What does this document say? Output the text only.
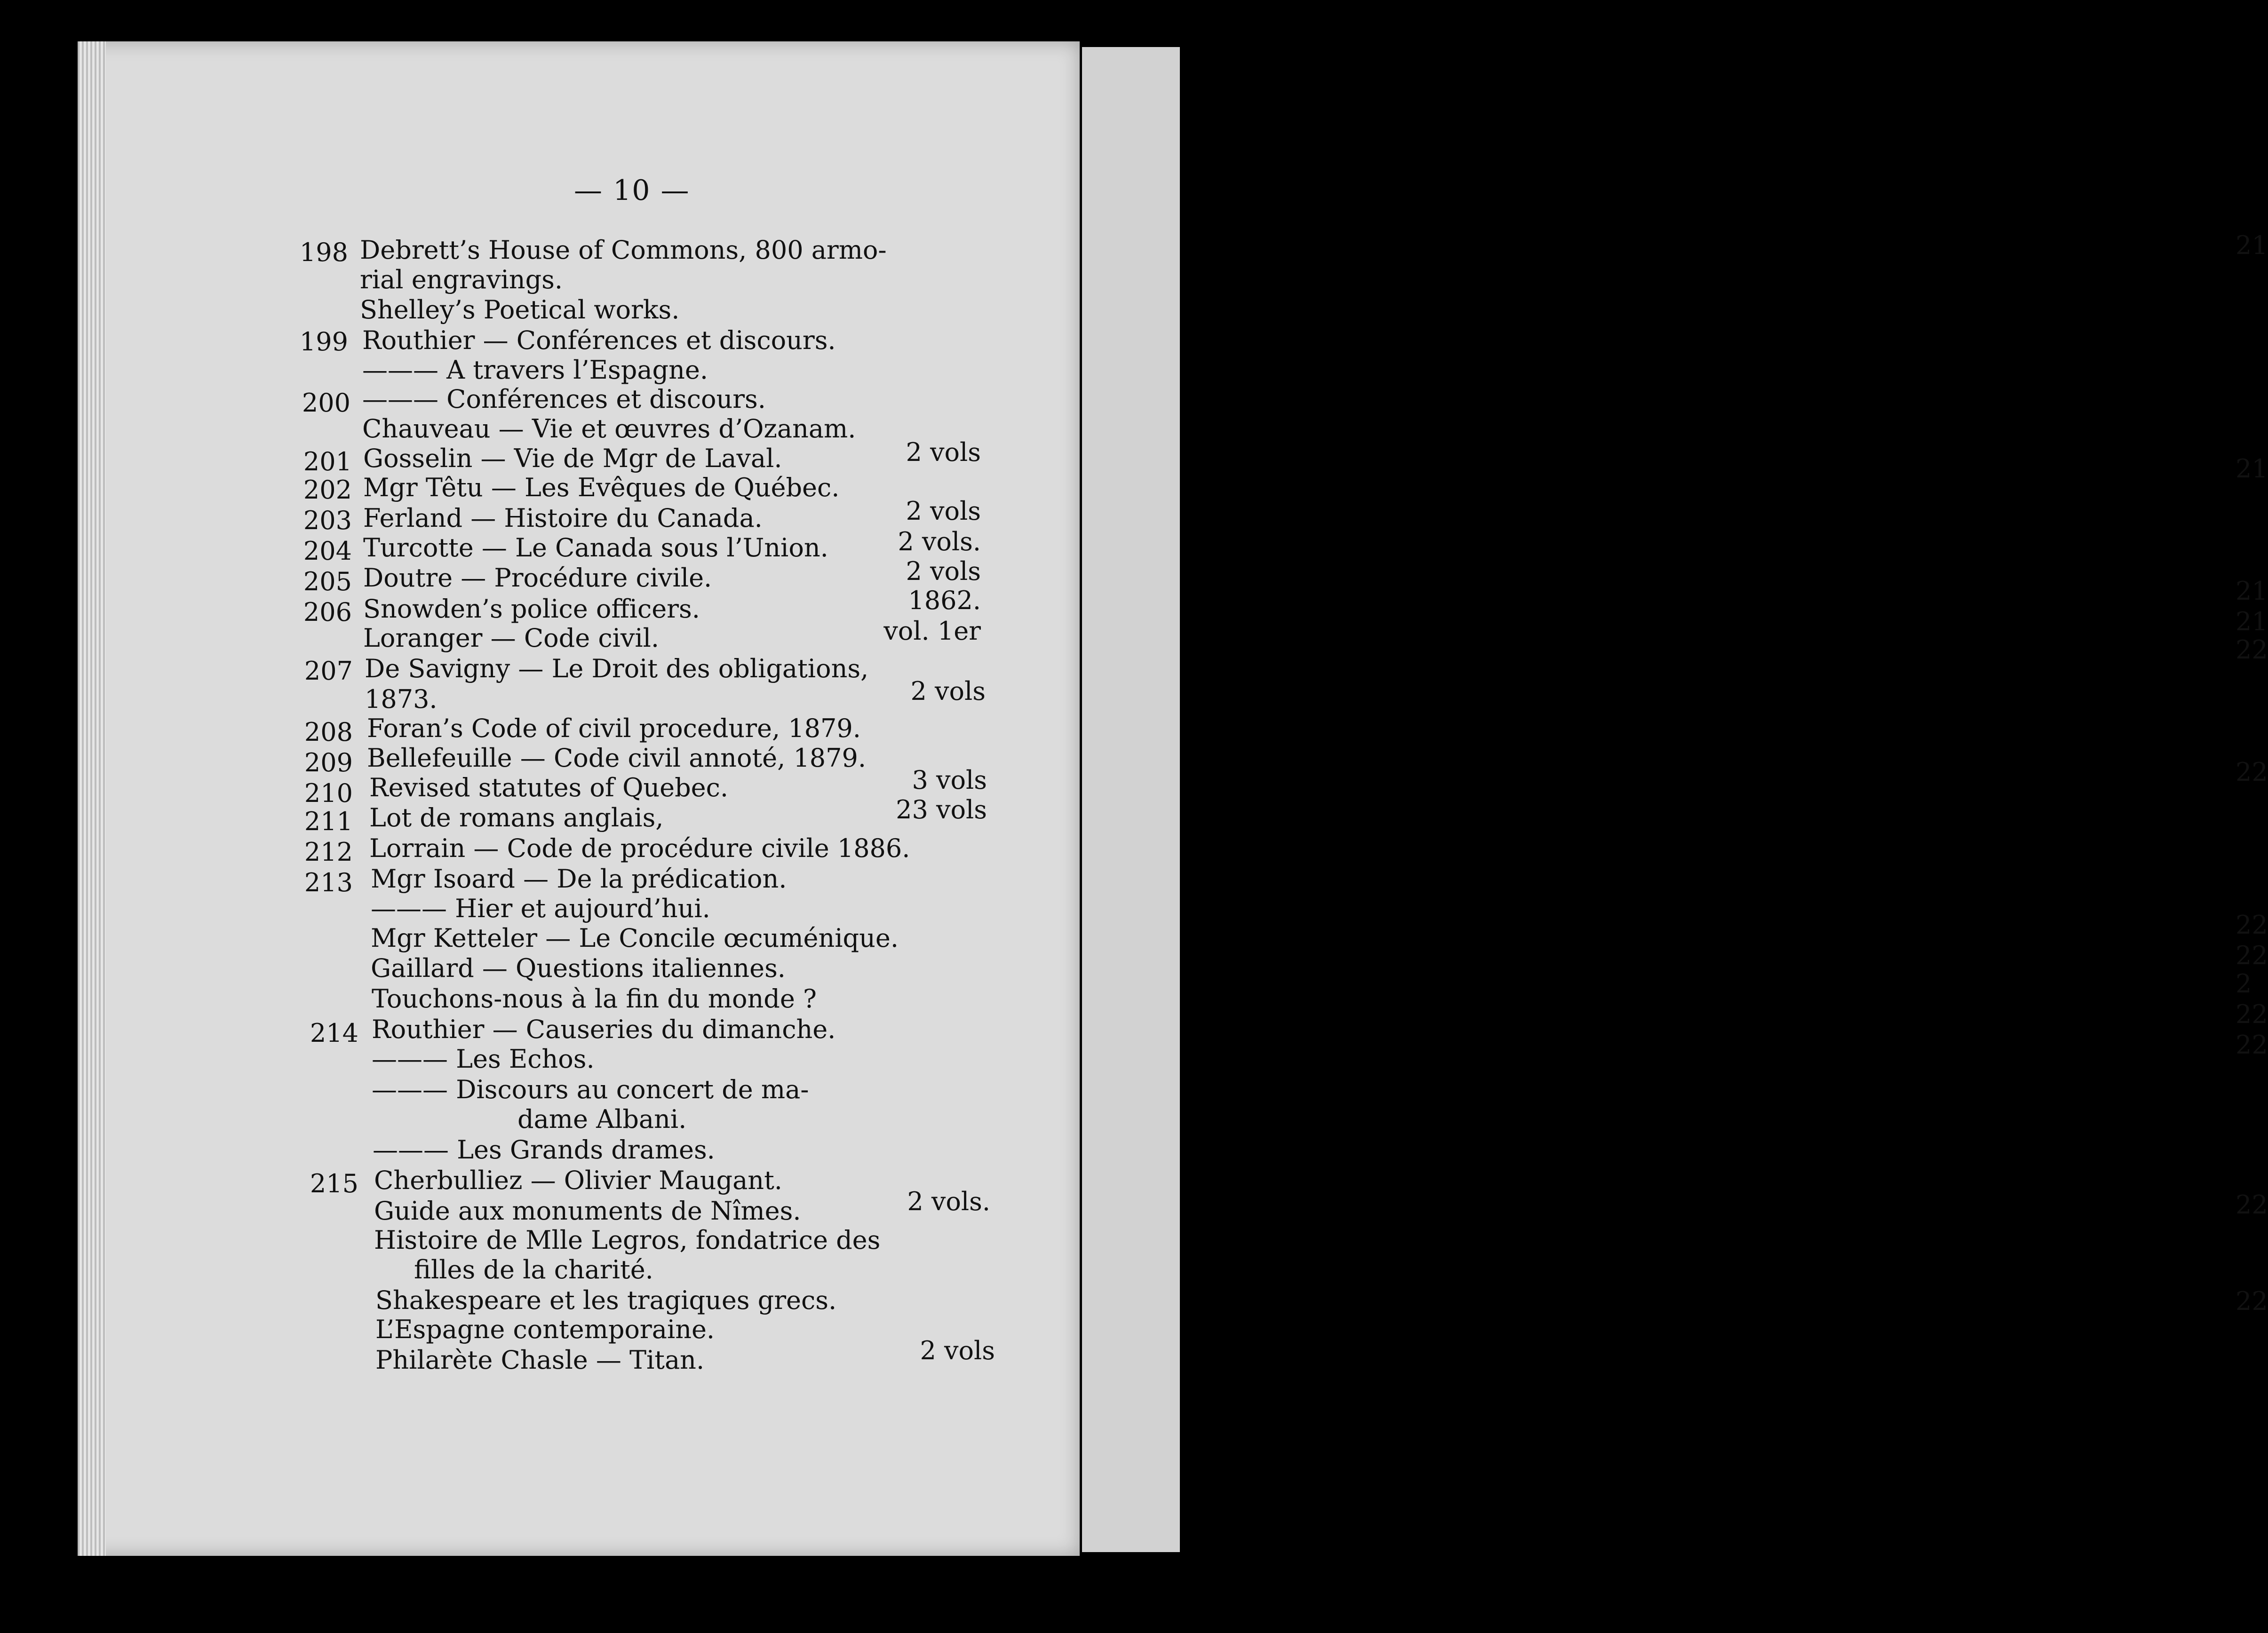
21
21
21
21
22
22
22
22
2
22
22
22
22
— 10 —
198
199
200
201
202
203
204
205
206
207
208
209
210
211
212
213
214
215
Debrett’s House of Commons, 800 armo-
rial engravings.
Shelley’s Poetical works.
Routhier — Conférences et discours.
——— A travers l’Espagne.
——— Conférences et discours.
Chauveau — Vie et œuvres d’Ozanam.
Gosselin — Vie de Mgr de Laval.
Mgr Têtu — Les Evêques de Québec.
Ferland — Histoire du Canada.
Turcotte — Le Canada sous l’Union.
Doutre — Procédure civile.
Snowden’s police officers.
Loranger — Code civil.
De Savigny — Le Droit des obligations,
1873.
Foran’s Code of civil procedure, 1879.
Bellefeuille — Code civil annoté, 1879.
Revised statutes of Quebec.
Lot de romans anglais,
Lorrain — Code de procédure civile 1886.
Mgr Isoard — De la prédication.
——— Hier et aujourd’hui.
Mgr Ketteler — Le Concile œcuménique.
Gaillard — Questions italiennes.
Touchons-nous à la fin du monde ?
Routhier — Causeries du dimanche.
——— Les Echos.
——— Discours au concert de ma-
dame Albani.
——— Les Grands drames.
Cherbulliez — Olivier Maugant.
Guide aux monuments de Nîmes.
Histoire de Mlle Legros, fondatrice des
filles de la charité.
Shakespeare et les tragiques grecs.
L’Espagne contemporaine.
Philarète Chasle — Titan.
2 vols
2 vols
2 vols.
2 vols
1862.
vol. 1er
2 vols
3 vols
23 vols
2 vols.
2 vols
